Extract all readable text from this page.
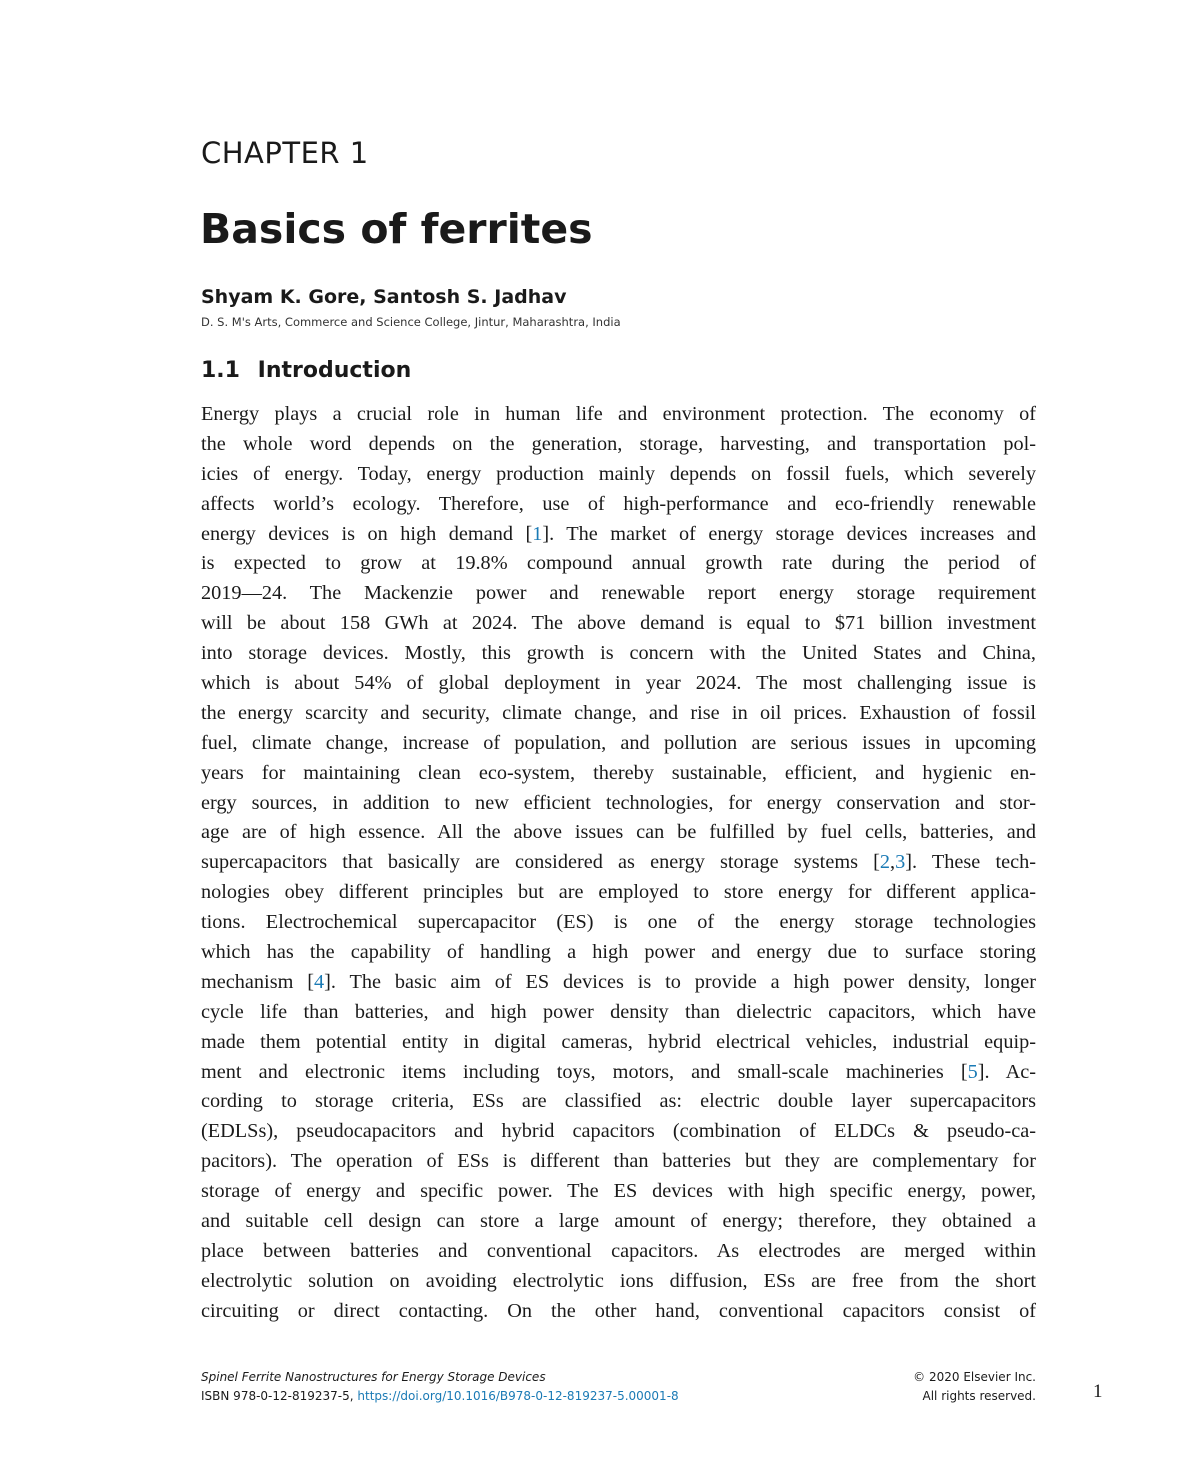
CHAPTER 1
Basics of ferrites
Shyam K. Gore, Santosh S. Jadhav
D. S. M's Arts, Commerce and Science College, Jintur, Maharashtra, India
1.1 Introduction
Energy plays a crucial role in human life and environment protection. The economy of
the whole word depends on the generation, storage, harvesting, and transportation pol-
icies of energy. Today, energy production mainly depends on fossil fuels, which severely
affects world’s ecology. Therefore, use of high-performance and eco-friendly renewable
energy devices is on high demand [1]. The market of energy storage devices increases and
is expected to grow at 19.8% compound annual growth rate during the period of
2019—24. The Mackenzie power and renewable report energy storage requirement
will be about 158 GWh at 2024. The above demand is equal to $71 billion investment
into storage devices. Mostly, this growth is concern with the United States and China,
which is about 54% of global deployment in year 2024. The most challenging issue is
the energy scarcity and security, climate change, and rise in oil prices. Exhaustion of fossil
fuel, climate change, increase of population, and pollution are serious issues in upcoming
years for maintaining clean eco-system, thereby sustainable, efficient, and hygienic en-
ergy sources, in addition to new efficient technologies, for energy conservation and stor-
age are of high essence. All the above issues can be fulfilled by fuel cells, batteries, and
supercapacitors that basically are considered as energy storage systems [2,3]. These tech-
nologies obey different principles but are employed to store energy for different applica-
tions. Electrochemical supercapacitor (ES) is one of the energy storage technologies
which has the capability of handling a high power and energy due to surface storing
mechanism [4]. The basic aim of ES devices is to provide a high power density, longer
cycle life than batteries, and high power density than dielectric capacitors, which have
made them potential entity in digital cameras, hybrid electrical vehicles, industrial equip-
ment and electronic items including toys, motors, and small-scale machineries [5]. Ac-
cording to storage criteria, ESs are classified as: electric double layer supercapacitors
(EDLSs), pseudocapacitors and hybrid capacitors (combination of ELDCs & pseudo-ca-
pacitors). The operation of ESs is different than batteries but they are complementary for
storage of energy and specific power. The ES devices with high specific energy, power,
and suitable cell design can store a large amount of energy; therefore, they obtained a
place between batteries and conventional capacitors. As electrodes are merged within
electrolytic solution on avoiding electrolytic ions diffusion, ESs are free from the short
circuiting or direct contacting. On the other hand, conventional capacitors consist of
Spinel Ferrite Nanostructures for Energy Storage Devices
ISBN 978-0-12-819237-5, https://doi.org/10.1016/B978-0-12-819237-5.00001-8
© 2020 Elsevier Inc.
All rights reserved.	1
